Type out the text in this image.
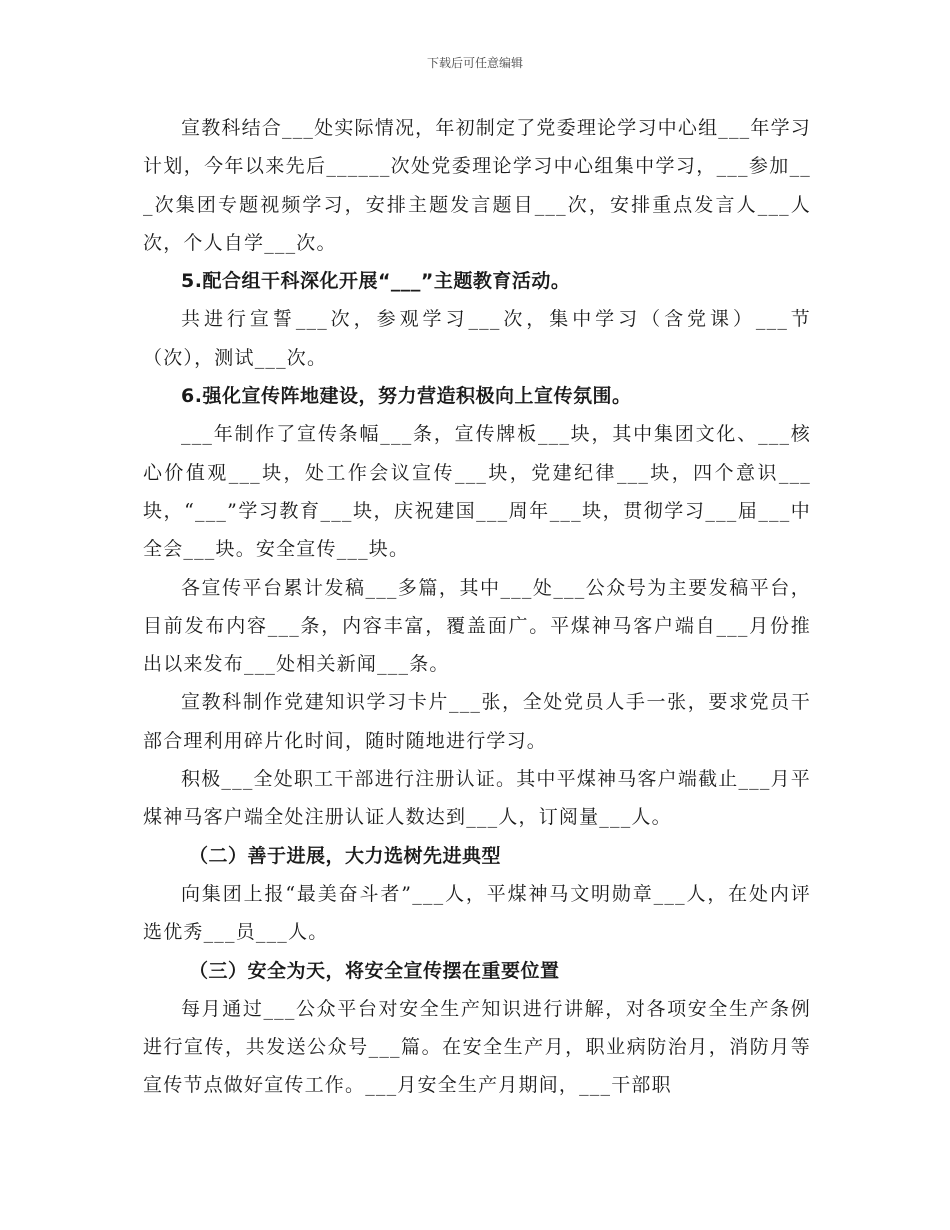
下载后可任意编辑

宣教科结合___处实际情况，年初制定了党委理论学习中心组___年学习计划，今年以来先后______次处党委理论学习中心组集中学习，___参加___次集团专题视频学习，安排主题发言题目___次，安排重点发言人___人次，个人自学___次。

5.配合组干科深化开展“___”主题教育活动。

共进行宣誓___次，参观学习___次，集中学习（含党课）___节（次），测试___次。

6.强化宣传阵地建设，努力营造积极向上宣传氛围。

___年制作了宣传条幅___条，宣传牌板___块，其中集团文化、___核心价值观___块，处工作会议宣传___块，党建纪律___块，四个意识___块，“___”学习教育___块，庆祝建国___周年___块，贯彻学习___届___中全会___块。安全宣传___块。

各宣传平台累计发稿___多篇，其中___处___公众号为主要发稿平台，目前发布内容___条，内容丰富，覆盖面广。平煤神马客户端自___月份推出以来发布___处相关新闻___条。

宣教科制作党建知识学习卡片___张，全处党员人手一张，要求党员干部合理利用碎片化时间，随时随地进行学习。

积极___全处职工干部进行注册认证。其中平煤神马客户端截止___月平煤神马客户端全处注册认证人数达到___人，订阅量___人。

（二）善于进展，大力选树先进典型

向集团上报“最美奋斗者”___人，平煤神马文明勋章___人，在处内评选优秀___员___人。

（三）安全为天，将安全宣传摆在重要位置

每月通过___公众平台对安全生产知识进行讲解，对各项安全生产条例进行宣传，共发送公众号___篇。在安全生产月，职业病防治月，消防月等宣传节点做好宣传工作。___月安全生产月期间，___干部职
